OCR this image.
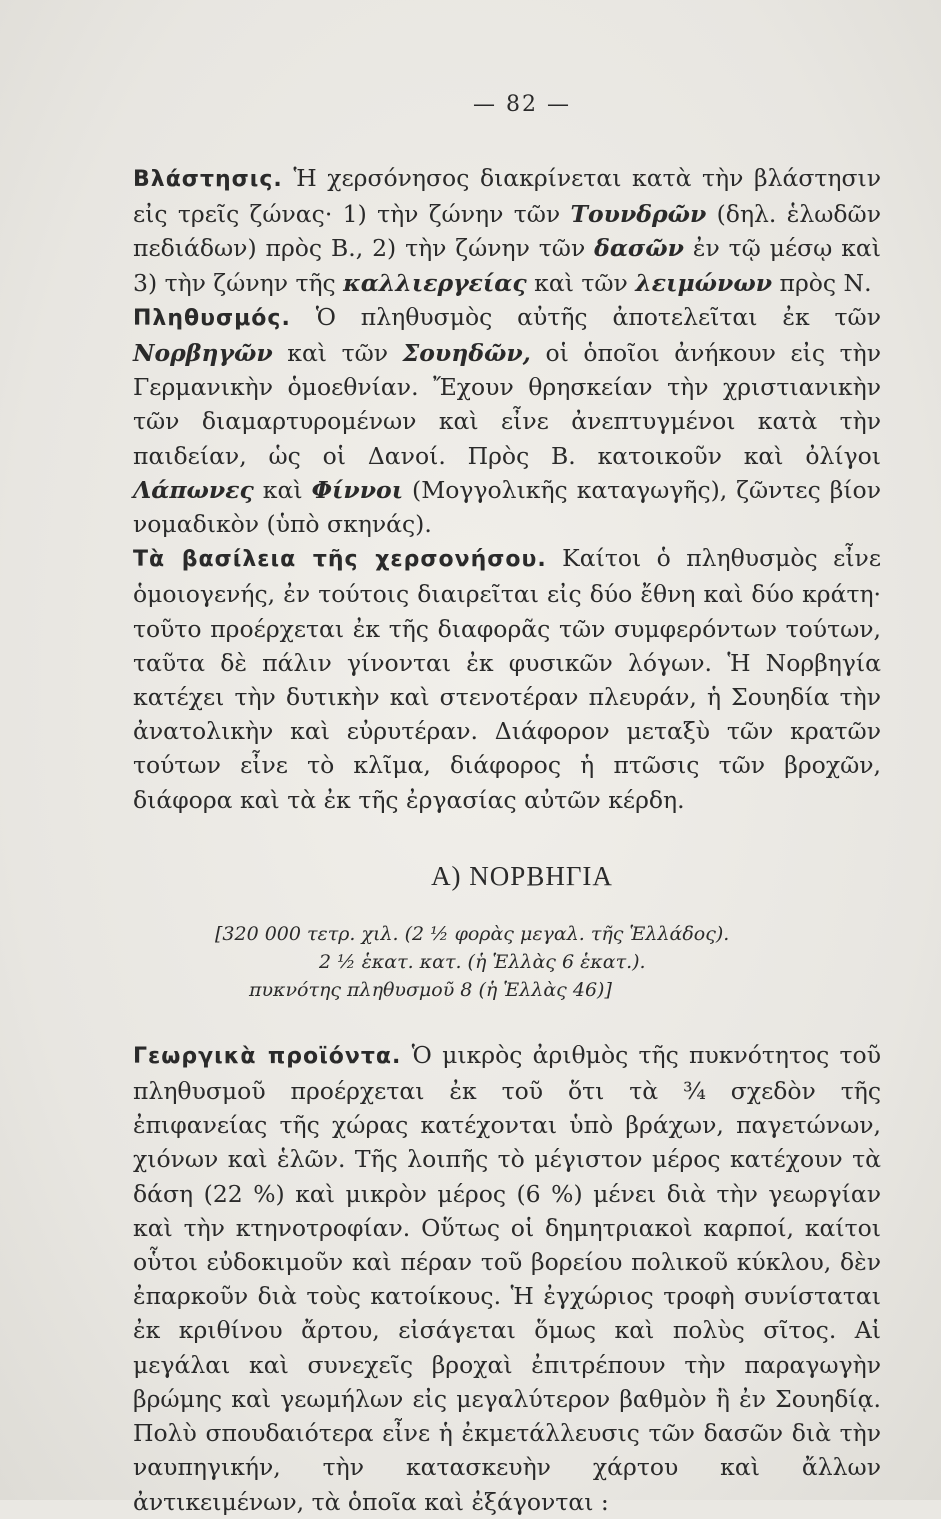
— 82 —

Βλάστησις. Ἡ χερσόνησος διακρίνεται κατὰ τὴν βλάστησιν εἰς τρεῖς ζώνας· 1) τὴν ζώνην τῶν Τουνδρῶν (δηλ. ἑλωδῶν πεδιάδων) πρὸς Β., 2) τὴν ζώνην τῶν δασῶν ἐν τῷ μέσῳ καὶ 3) τὴν ζώνην τῆς καλλιεργείας καὶ τῶν λειμώνων πρὸς Ν.

Πληθυσμός. Ὁ πληθυσμὸς αὐτῆς ἀποτελεῖται ἐκ τῶν Νορβηγῶν καὶ τῶν Σουηδῶν, οἱ ὁποῖοι ἀνήκουν εἰς τὴν Γερμανικὴν ὁμοεθνίαν. Ἔχουν θρησκείαν τὴν χριστιανικὴν τῶν διαμαρτυρομένων καὶ εἶνε ἀνεπτυγμένοι κατὰ τὴν παιδείαν, ὡς οἱ Δανοί. Πρὸς Β. κατοικοῦν καὶ ὀλίγοι Λάπωνες καὶ Φίννοι (Μογγολικῆς καταγωγῆς), ζῶντες βίον νομαδικὸν (ὑπὸ σκηνάς).

Τὰ βασίλεια τῆς χερσονήσου. Καίτοι ὁ πληθυσμὸς εἶνε ὁμοιογενής, ἐν τούτοις διαιρεῖται εἰς δύο ἔθνη καὶ δύο κράτη· τοῦτο προέρχεται ἐκ τῆς διαφορᾶς τῶν συμφερόντων τούτων, ταῦτα δὲ πάλιν γίνονται ἐκ φυσικῶν λόγων. Ἡ Νορβηγία κατέχει τὴν δυτικὴν καὶ στενοτέραν πλευράν, ἡ Σουηδία τὴν ἀνατολικὴν καὶ εὐρυτέραν. Διάφορον μεταξὺ τῶν κρατῶν τούτων εἶνε τὸ κλῖμα, διάφορος ἡ πτῶσις τῶν βροχῶν, διάφορα καὶ τὰ ἐκ τῆς ἐργασίας αὐτῶν κέρδη.

A) ΝΟΡΒΗΓΙΑ
[320 000 τετρ. χιλ. (2 ½ φορὰς μεγαλ. τῆς Ἑλλάδος).
2 ½ ἑκατ. κατ. (ἡ Ἑλλὰς 6 ἑκατ.).
πυκνότης πληθυσμοῦ 8 (ἡ Ἑλλὰς 46)]

Γεωργικὰ προϊόντα. Ὁ μικρὸς ἀριθμὸς τῆς πυκνότητος τοῦ πληθυσμοῦ προέρχεται ἐκ τοῦ ὅτι τὰ ¾ σχεδὸν τῆς ἐπιφανείας τῆς χώρας κατέχονται ὑπὸ βράχων, παγετώνων, χιόνων καὶ ἑλῶν. Τῆς λοιπῆς τὸ μέγιστον μέρος κατέχουν τὰ δάση (22 %) καὶ μικρὸν μέρος (6 %) μένει διὰ τὴν γεωργίαν καὶ τὴν κτηνοτροφίαν. Οὕτως οἱ δημητριακοὶ καρποί, καίτοι οὗτοι εὐδοκιμοῦν καὶ πέραν τοῦ βορείου πολικοῦ κύκλου, δὲν ἐπαρκοῦν διὰ τοὺς κατοίκους. Ἡ ἐγχώριος τροφὴ συνίσταται ἐκ κριθίνου ἄρτου, εἰσάγεται ὅμως καὶ πολὺς σῖτος. Αἱ μεγάλαι καὶ συνεχεῖς βροχαὶ ἐπιτρέπουν τὴν παραγωγὴν βρώμης καὶ γεωμήλων εἰς μεγαλύτερον βαθμὸν ἢ ἐν Σουηδίᾳ. Πολὺ σπουδαιότερα εἶνε ἡ ἐκμετάλλευσις τῶν δασῶν διὰ τὴν ναυπηγικήν, τὴν κατασκευὴν χάρτου καὶ ἄλλων ἀντικειμένων, τὰ ὁποῖα καὶ ἐξάγονται :
